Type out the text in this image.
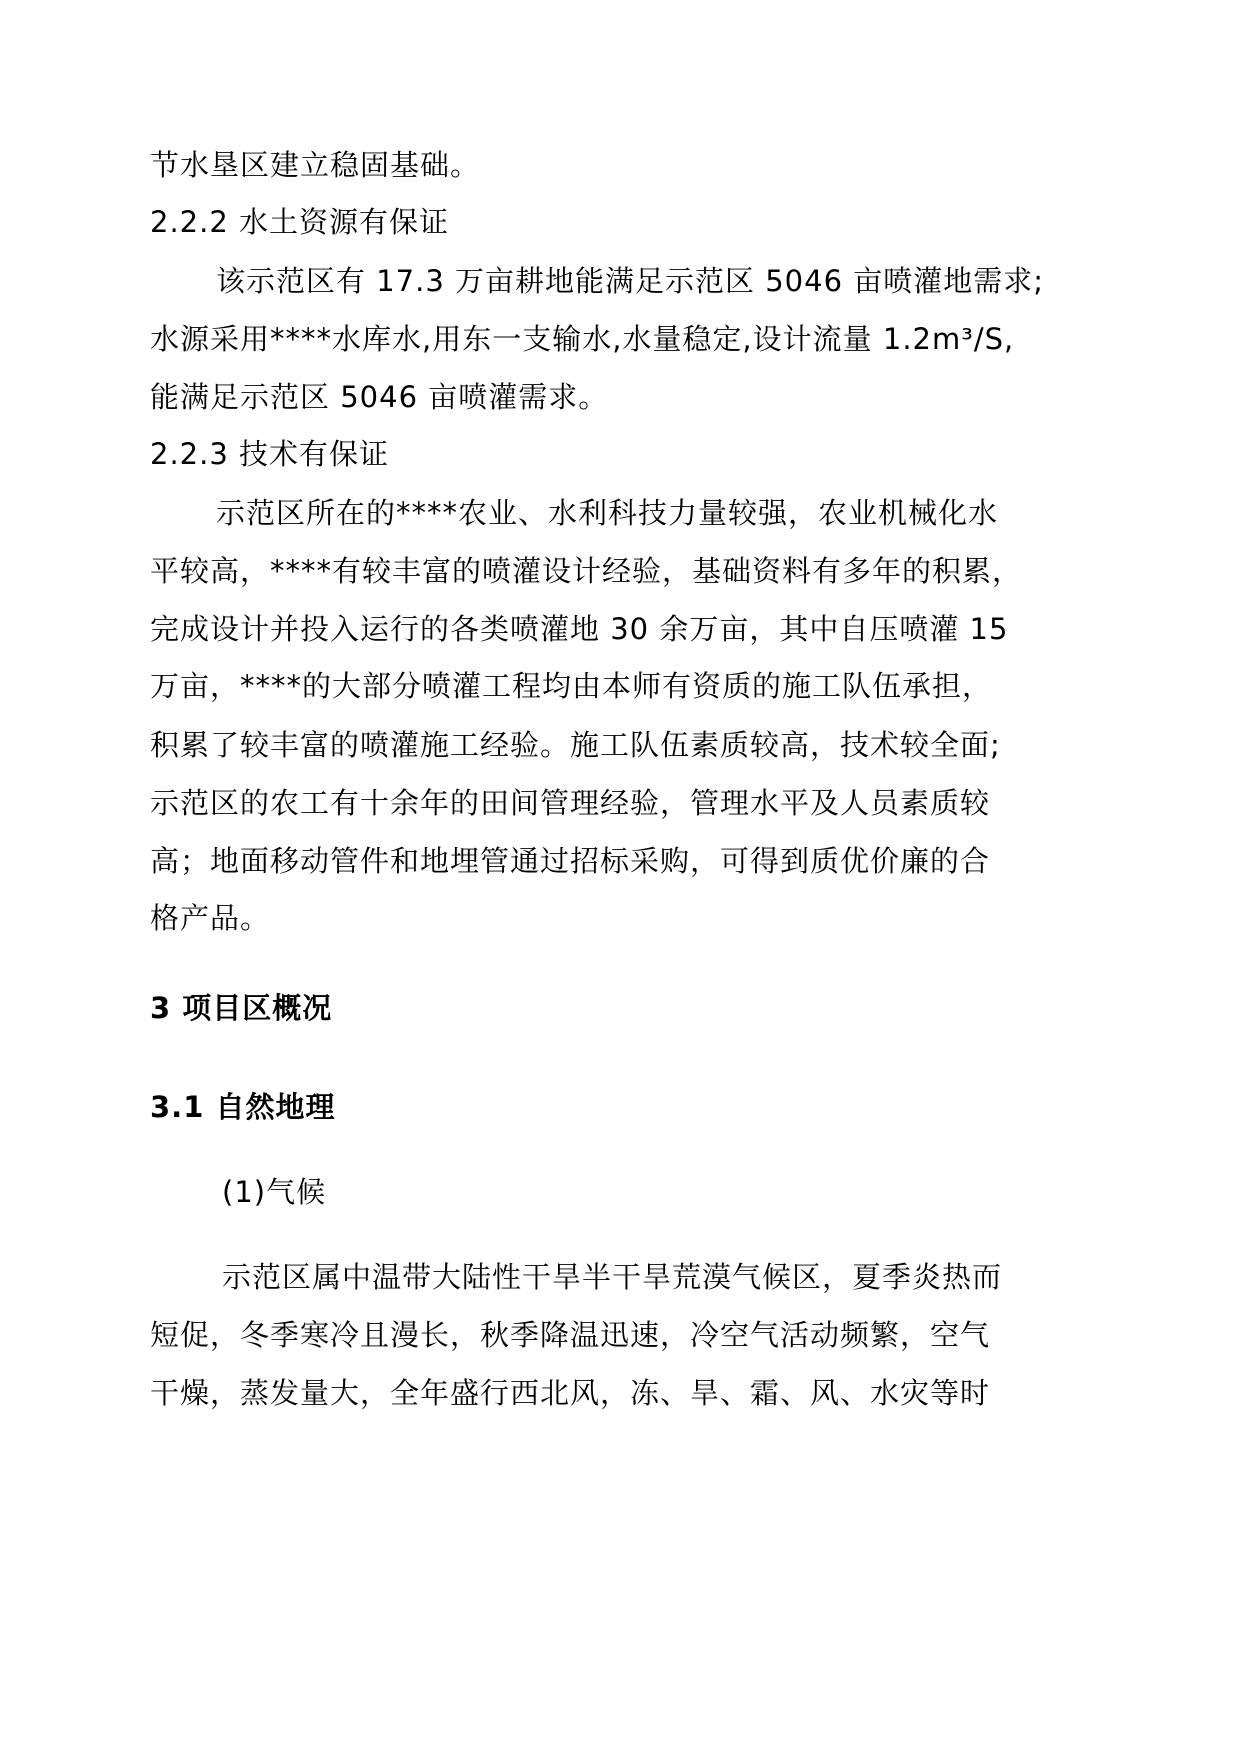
节水垦区建立稳固基础。
2.2.2 水土资源有保证
该示范区有 17.3 万亩耕地能满足示范区 5046 亩喷灌地需求;
水源采用****水库水,用东一支输水,水量稳定,设计流量 1.2m³/S,
能满足示范区 5046 亩喷灌需求。
2.2.3 技术有保证
示范区所在的****农业、水利科技力量较强，农业机械化水
平较高，****有较丰富的喷灌设计经验，基础资料有多年的积累，
完成设计并投入运行的各类喷灌地 30 余万亩，其中自压喷灌 15
万亩，****的大部分喷灌工程均由本师有资质的施工队伍承担，
积累了较丰富的喷灌施工经验。施工队伍素质较高，技术较全面;
示范区的农工有十余年的田间管理经验，管理水平及人员素质较
高；地面移动管件和地埋管通过招标采购，可得到质优价廉的合
格产品。
3 项目区概况
3.1 自然地理
(1)气候
示范区属中温带大陆性干旱半干旱荒漠气候区，夏季炎热而
短促，冬季寒冷且漫长，秋季降温迅速，冷空气活动频繁，空气
干燥，蒸发量大，全年盛行西北风，冻、旱、霜、风、水灾等时
